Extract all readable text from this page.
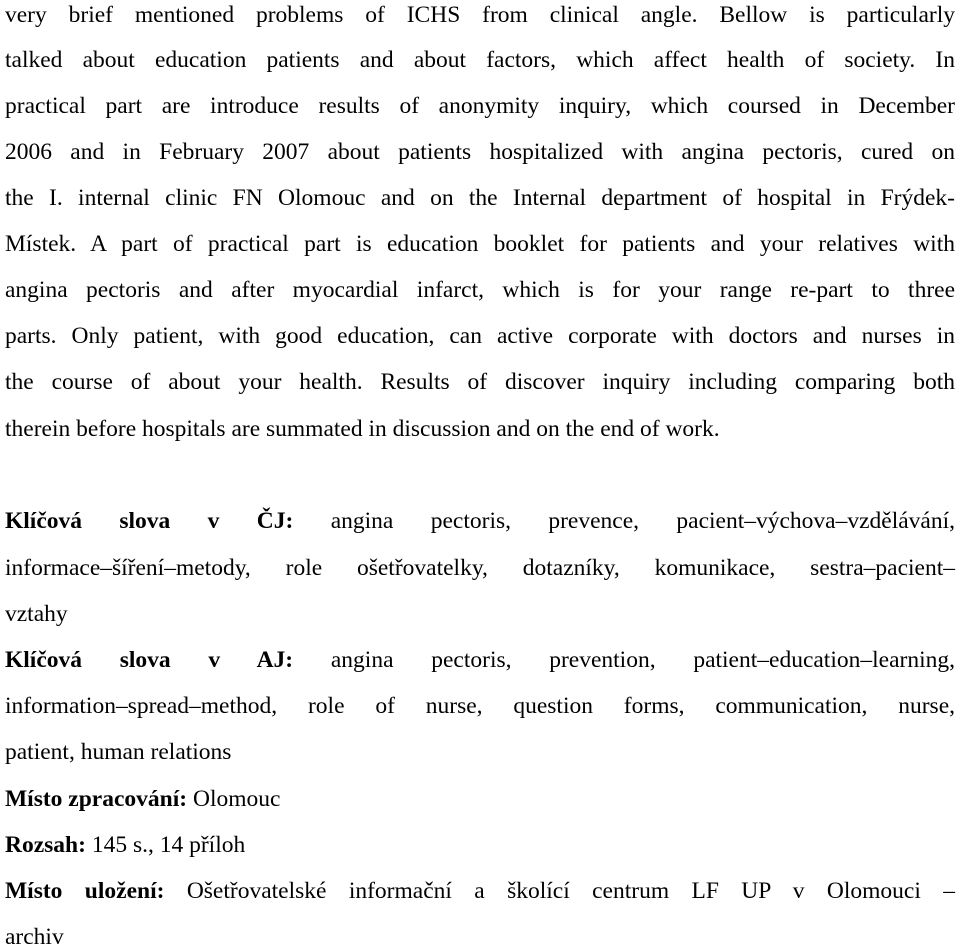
very brief mentioned problems of ICHS from clinical angle. Bellow is particularly
talked about education patients and about factors, which affect health of society. In
practical part are introduce results of anonymity inquiry, which coursed in December
2006 and in February 2007 about patients hospitalized with angina pectoris, cured on
the I. internal clinic FN Olomouc and on the Internal department of hospital in Frýdek-
Místek. A part of practical part is education booklet for patients and your relatives with
angina pectoris and after myocardial infarct, which is for your range re-part to three
parts. Only patient, with good education, can active corporate with doctors and nurses in
the course of about your health. Results of discover inquiry including comparing both
therein before hospitals are summated in discussion and on the end of work.
Klíčová slova v ČJ: angina pectoris, prevence, pacient–výchova–vzdělávání,
informace–šíření–metody, role ošetřovatelky, dotazníky, komunikace, sestra–pacient–
vztahy
Klíčová slova v AJ: angina pectoris, prevention, patient–education–learning,
information–spread–method, role of nurse, question forms, communication, nurse,
patient, human relations
Místo zpracování: Olomouc
Rozsah: 145 s., 14 příloh
Místo uložení: Ošetřovatelské informační a školící centrum LF UP v Olomouci –
archiv
